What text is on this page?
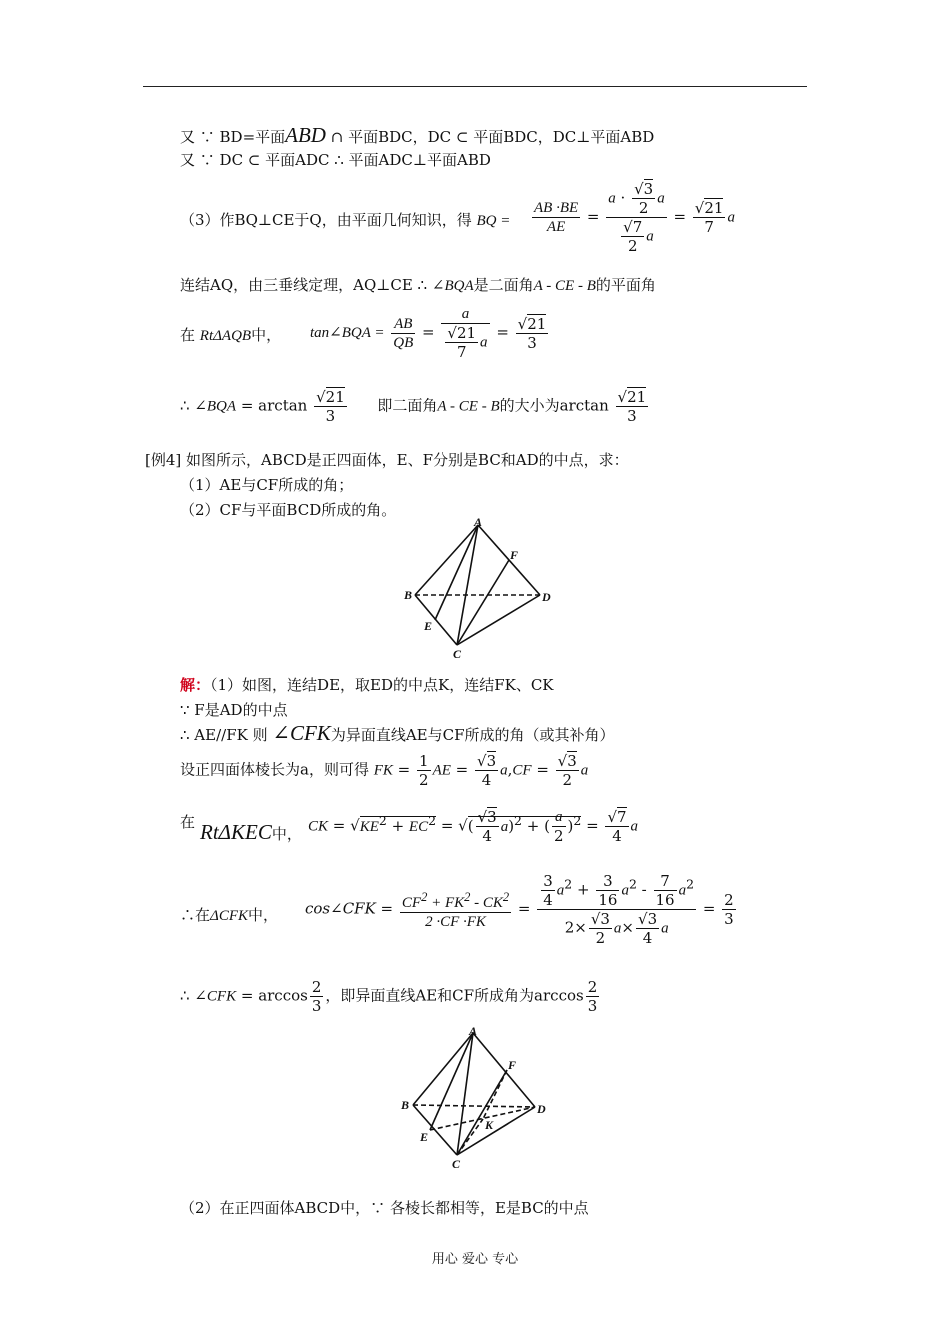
又 ∵ BD=平面ABD ∩ 平面BDC，DC ⊂ 平面BDC，DC⊥平面ABD
又 ∵ DC ⊂ 平面ADC ∴ 平面ADC⊥平面ABD
（3）作BQ⊥CE于Q，由平面几何知识，得 BQ = $\frac{AB \cdot BE}{AE} = \frac{a \cdot \frac{√3}{2} a}{\frac{√7}{2} a} = \frac{√21}{7}$ a
连结AQ，由三垂线定理，AQ⊥CE ∴ ∠BQA是二面角A - CE - B的平面角
在 RtΔAQB中， tan∠BQA = $\frac{AB}{QB} = \frac{a}{\frac{√21}{7} a} = \frac{√21}{3}$
∴ ∠BQA = $\arctan \frac{√21}{3}$ 即二面角A - CE - B的大小为$\arctan \frac{√21}{3}$
[例4] 如图所示，ABCD是正四面体，E、F分别是BC和AD的中点，求：
（1）AE与CF所成的角；
（2）CF与平面BCD所成的角。
A
B
C
D
E
F
解：（1）如图，连结DE，取ED的中点K，连结FK、CK
∵ F是AD的中点
∴ AE//FK 则 ∠CFK为异面直线AE与CF所成的角（或其补角）
设正四面体棱长为a，则可得 FK = $\frac{1}{2}$ AE = $\frac{√3}{4} a,CF = \frac{√3}{2}$ a
在 RtΔKEC中， CK = $√KE^2 + EC^2$ = √( $\frac{√3}{4} a)^2$ + ( $\frac{a}{2} )^2 = \frac{√7}{4}$ a
∴在ΔCFK中， cos∠CFK = $\frac{CF^2 + FK^2 - CK^2}{2 \cdot CF \cdot FK} = \frac{\frac{3}{4} a^2 + \frac{3}{16} a^2 - \frac{7}{16} a^2}{2\times \frac{√3}{2} a\times \frac{√3}{4} a} = \frac{2}{3}$
∴ ∠CFK = $\arccos \frac{2}{3}$ ，即异面直线AE和CF所成角为$\arccos \frac{2}{3}$
A
B
C
D
E
F
K
（2）在正四面体ABCD中，∵ 各棱长都相等，E是BC的中点
用心 爱心 专心
